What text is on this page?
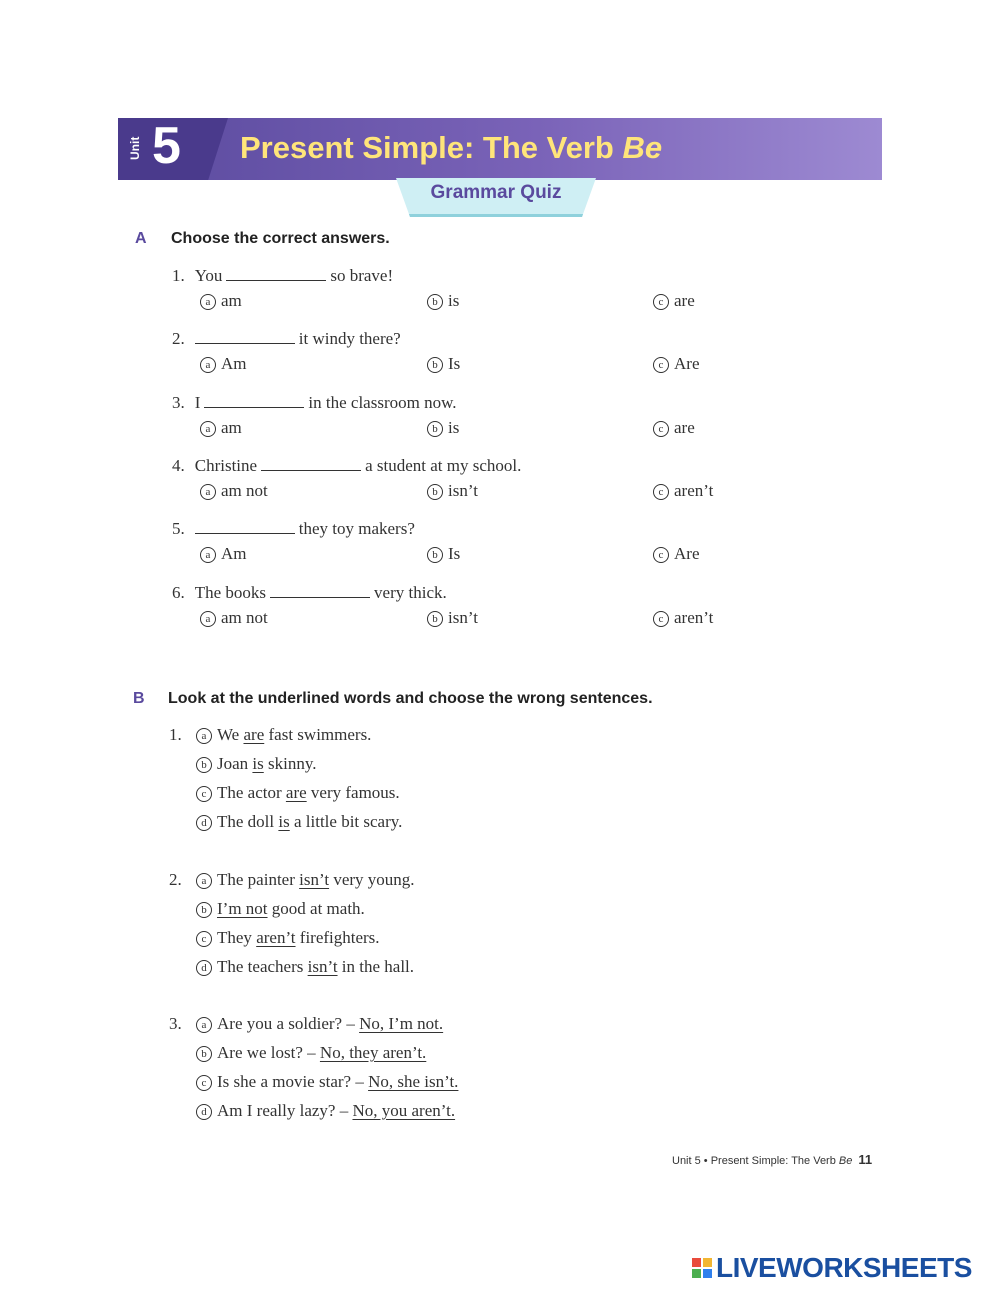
Unit 5 Present Simple: The Verb Be
Grammar Quiz
A Choose the correct answers.
1. You	so brave!
a am	b is	c are
2.	it windy there?
a Am	b Is	c Are
3. I	in the classroom now.
a am	b is	c are
4. Christine	a student at my school.
a am not	b isn’t	c aren’t
5.	they toy makers?
a Am	b Is	c Are
6. The books	very thick.
a am not	b isn’t	c aren’t
B Look at the underlined words and choose the wrong sentences.
1.	a We are fast swimmers.
b Joan is skinny.
c The actor are very famous.
d The doll is a little bit scary.
2.	a The painter isn’t very young.
b I’m not good at math.
c They aren’t firefighters.
d The teachers isn’t in the hall.
3.	a Are you a soldier? – No, I’m not.
b Are we lost? – No, they aren’t.
c Is she a movie star? – No, she isn’t.
d Am I really lazy? – No, you aren’t.
Unit 5 • Present Simple: The Verb Be 11
LIVEWORKSHEETS
